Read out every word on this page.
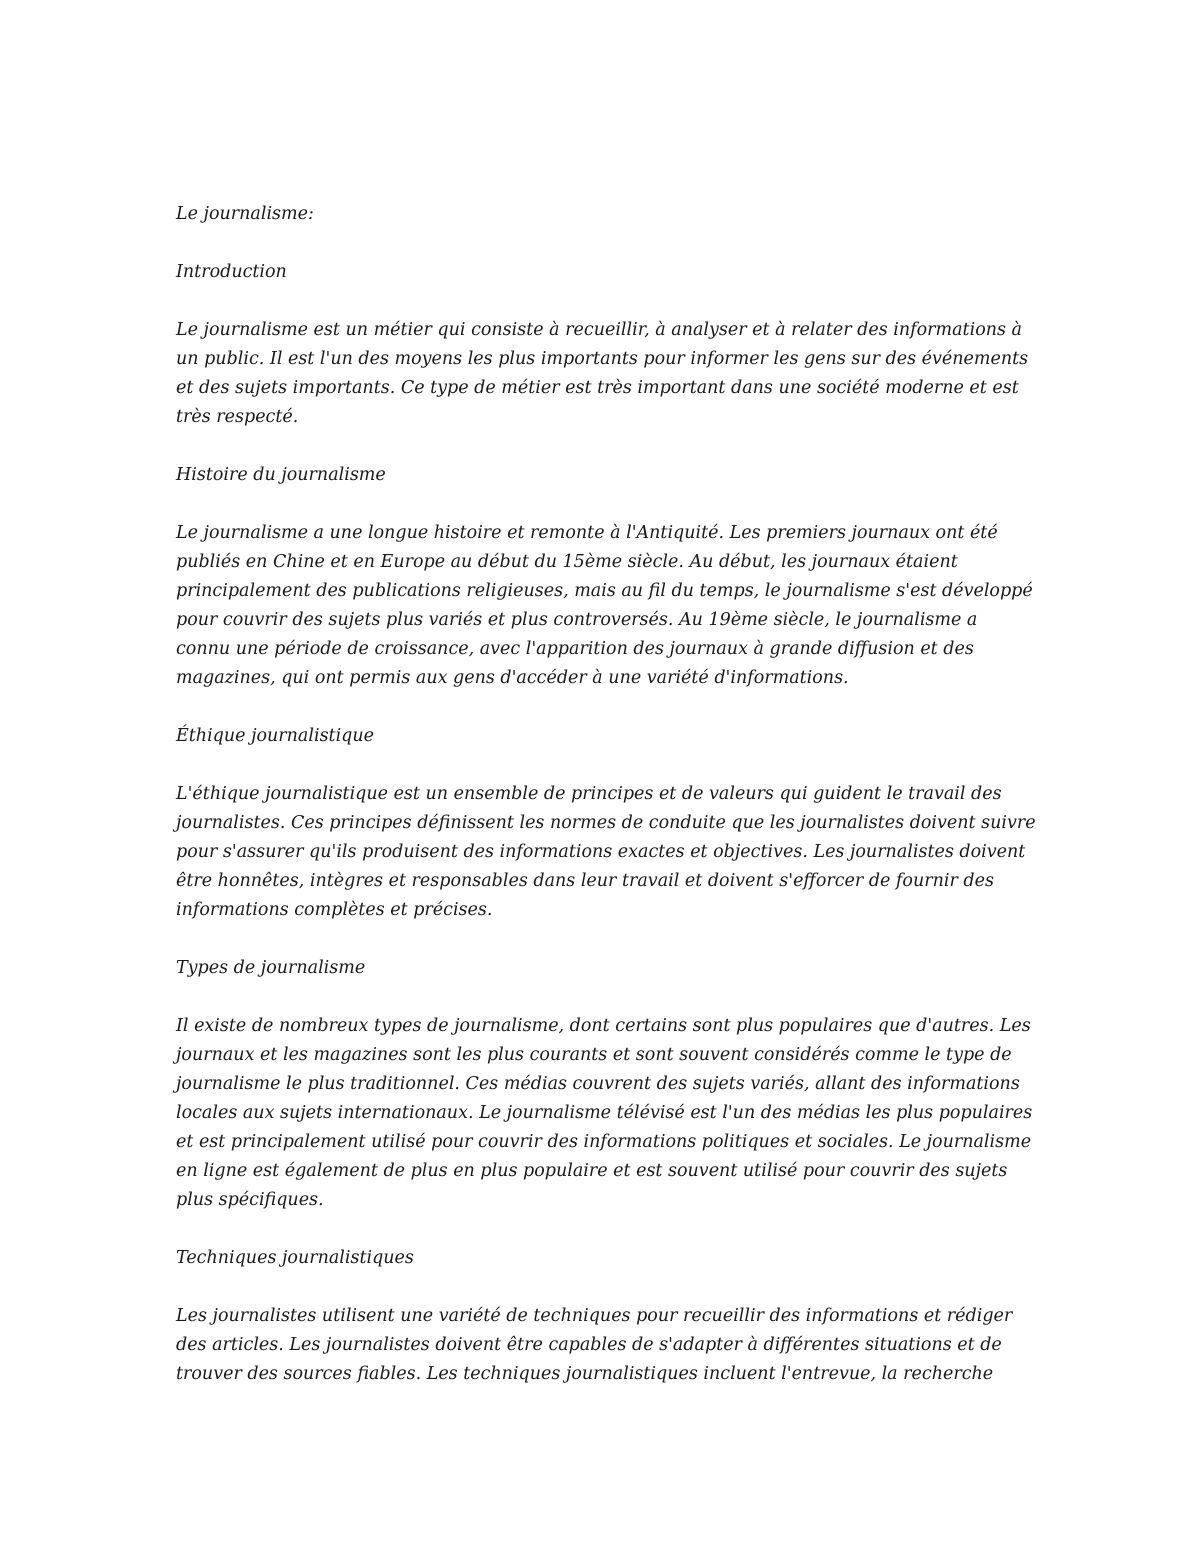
Le journalisme:

Introduction

Le journalisme est un métier qui consiste à recueillir, à analyser et à relater des informations à un public. Il est l'un des moyens les plus importants pour informer les gens sur des événements et des sujets importants. Ce type de métier est très important dans une société moderne et est très respecté.

Histoire du journalisme

Le journalisme a une longue histoire et remonte à l'Antiquité. Les premiers journaux ont été publiés en Chine et en Europe au début du 15ème siècle. Au début, les journaux étaient principalement des publications religieuses, mais au fil du temps, le journalisme s'est développé pour couvrir des sujets plus variés et plus controversés. Au 19ème siècle, le journalisme a connu une période de croissance, avec l'apparition des journaux à grande diffusion et des magazines, qui ont permis aux gens d'accéder à une variété d'informations.

Éthique journalistique

L'éthique journalistique est un ensemble de principes et de valeurs qui guident le travail des journalistes. Ces principes définissent les normes de conduite que les journalistes doivent suivre pour s'assurer qu'ils produisent des informations exactes et objectives. Les journalistes doivent être honnêtes, intègres et responsables dans leur travail et doivent s'efforcer de fournir des informations complètes et précises.

Types de journalisme

Il existe de nombreux types de journalisme, dont certains sont plus populaires que d'autres. Les journaux et les magazines sont les plus courants et sont souvent considérés comme le type de journalisme le plus traditionnel. Ces médias couvrent des sujets variés, allant des informations locales aux sujets internationaux. Le journalisme télévisé est l'un des médias les plus populaires et est principalement utilisé pour couvrir des informations politiques et sociales. Le journalisme en ligne est également de plus en plus populaire et est souvent utilisé pour couvrir des sujets plus spécifiques.

Techniques journalistiques

Les journalistes utilisent une variété de techniques pour recueillir des informations et rédiger des articles. Les journalistes doivent être capables de s'adapter à différentes situations et de trouver des sources fiables. Les techniques journalistiques incluent l'entrevue, la recherche
